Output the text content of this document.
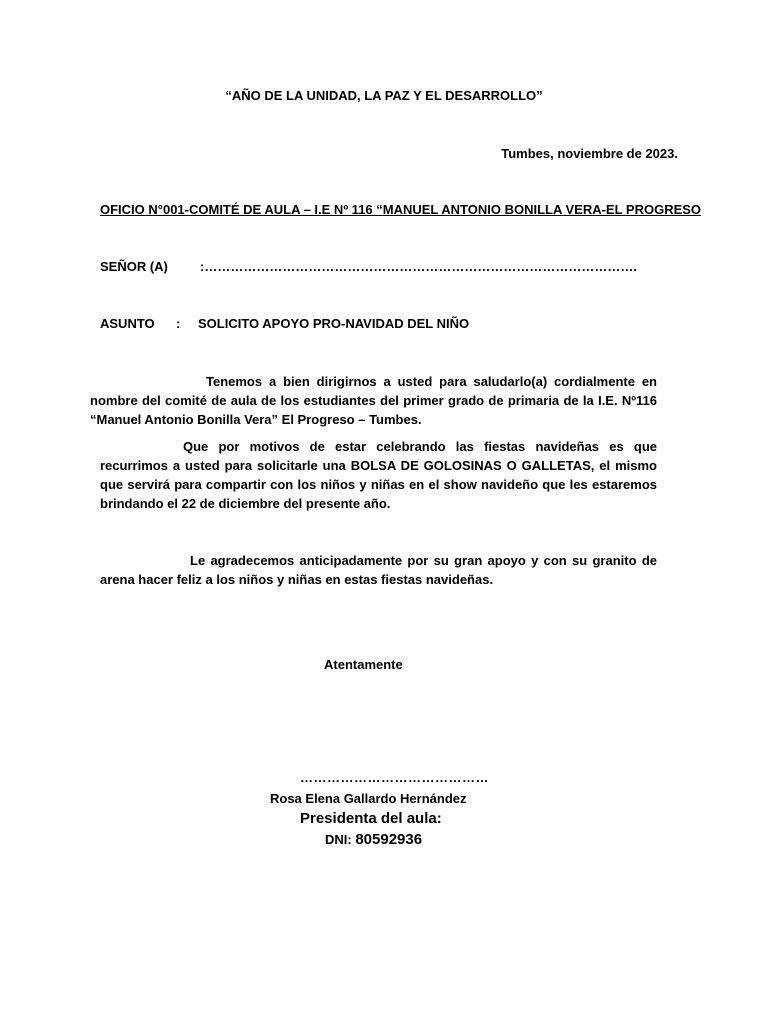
“AÑO DE LA UNIDAD, LA PAZ Y EL DESARROLLO”
Tumbes, noviembre de 2023.
OFICIO N°001-COMITÉ DE AULA – I.E Nº 116 “MANUEL ANTONIO BONILLA VERA-EL PROGRESO
SEÑOR (A) :……………………………………………………………………………………….
ASUNTO : SOLICITO APOYO PRO-NAVIDAD DEL NIÑO
Tenemos a bien dirigirnos a usted para saludarlo(a) cordialmente en nombre del comité de aula de los estudiantes del primer grado de primaria de la I.E. Nº116 “Manuel Antonio Bonilla Vera” El Progreso – Tumbes.
Que por motivos de estar celebrando las fiestas navideñas es que recurrimos a usted para solicitarle una BOLSA DE GOLOSINAS O GALLETAS, el mismo que servirá para compartir con los niños y niñas en el show navideño que les estaremos brindando el 22 de diciembre del presente año.
Le agradecemos anticipadamente por su gran apoyo y con su granito de arena hacer feliz a los niños y niñas en estas fiestas navideñas.
Atentamente
……………………………………
Rosa Elena Gallardo Hernández
Presidenta del aula:
DNI: 80592936
